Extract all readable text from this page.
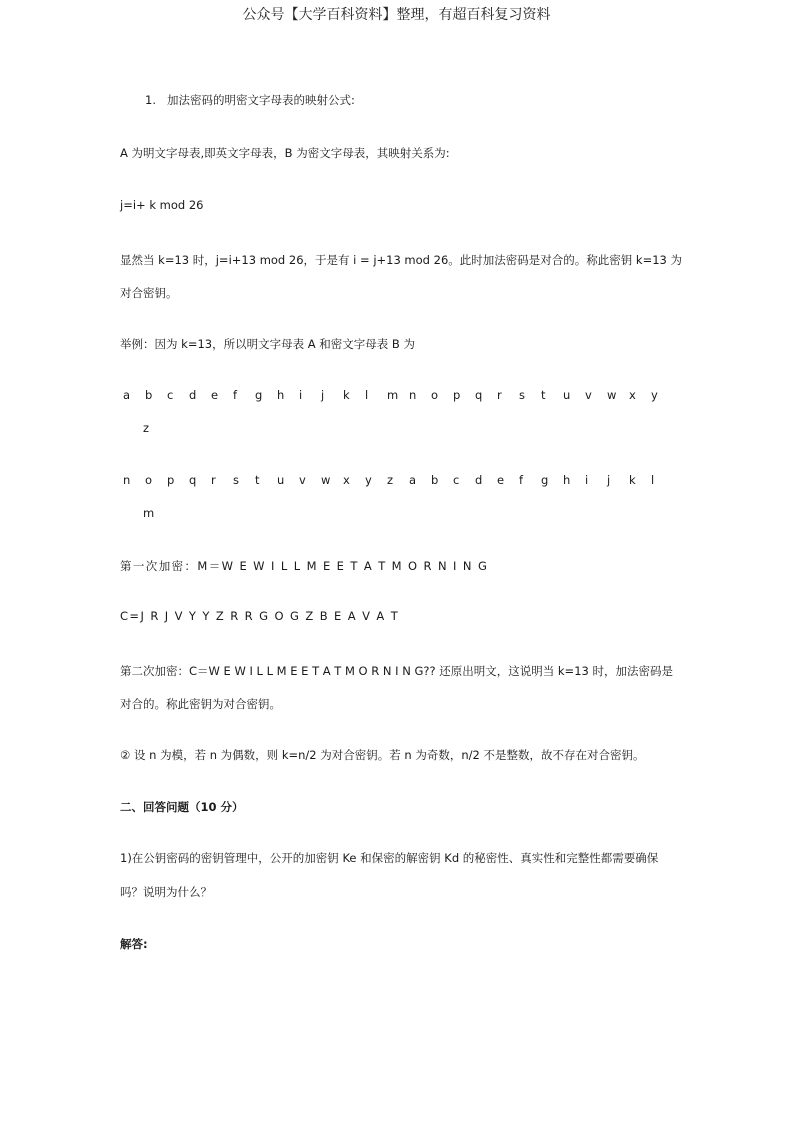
公众号【大学百科资料】整理，有超百科复习资料
1. 加法密码的明密文字母表的映射公式:
A 为明文字母表,即英文字母表，B 为密文字母表，其映射关系为:
j=i+ k mod 26
显然当 k=13 时，j=i+13 mod 26，于是有 i = j+13 mod 26。此时加法密码是对合的。称此密钥 k=13 为
对合密钥。
举例：因为 k=13，所以明文字母表 A 和密文字母表 B 为
a b c d e f g h i j k l m n o p q r s t u v w x y
z
n o p q r s t u v w x y z a b c d e f g h i j k l
m
第一次加密：M＝W E W I L L M E E T A T M O R N I N G
C=J R J V Y Y Z R R G O G Z B E A V A T
第二次加密：C＝W E W I L L M E E T A T M O R N I N G?? 还原出明文，这说明当 k=13 时，加法密码是
对合的。称此密钥为对合密钥。
② 设 n 为模，若 n 为偶数，则 k=n/2 为对合密钥。若 n 为奇数，n/2 不是整数，故不存在对合密钥。
二、回答问题（10 分）
1)在公钥密码的密钥管理中，公开的加密钥 Ke 和保密的解密钥 Kd 的秘密性、真实性和完整性都需要确保
吗？说明为什么？
解答:
